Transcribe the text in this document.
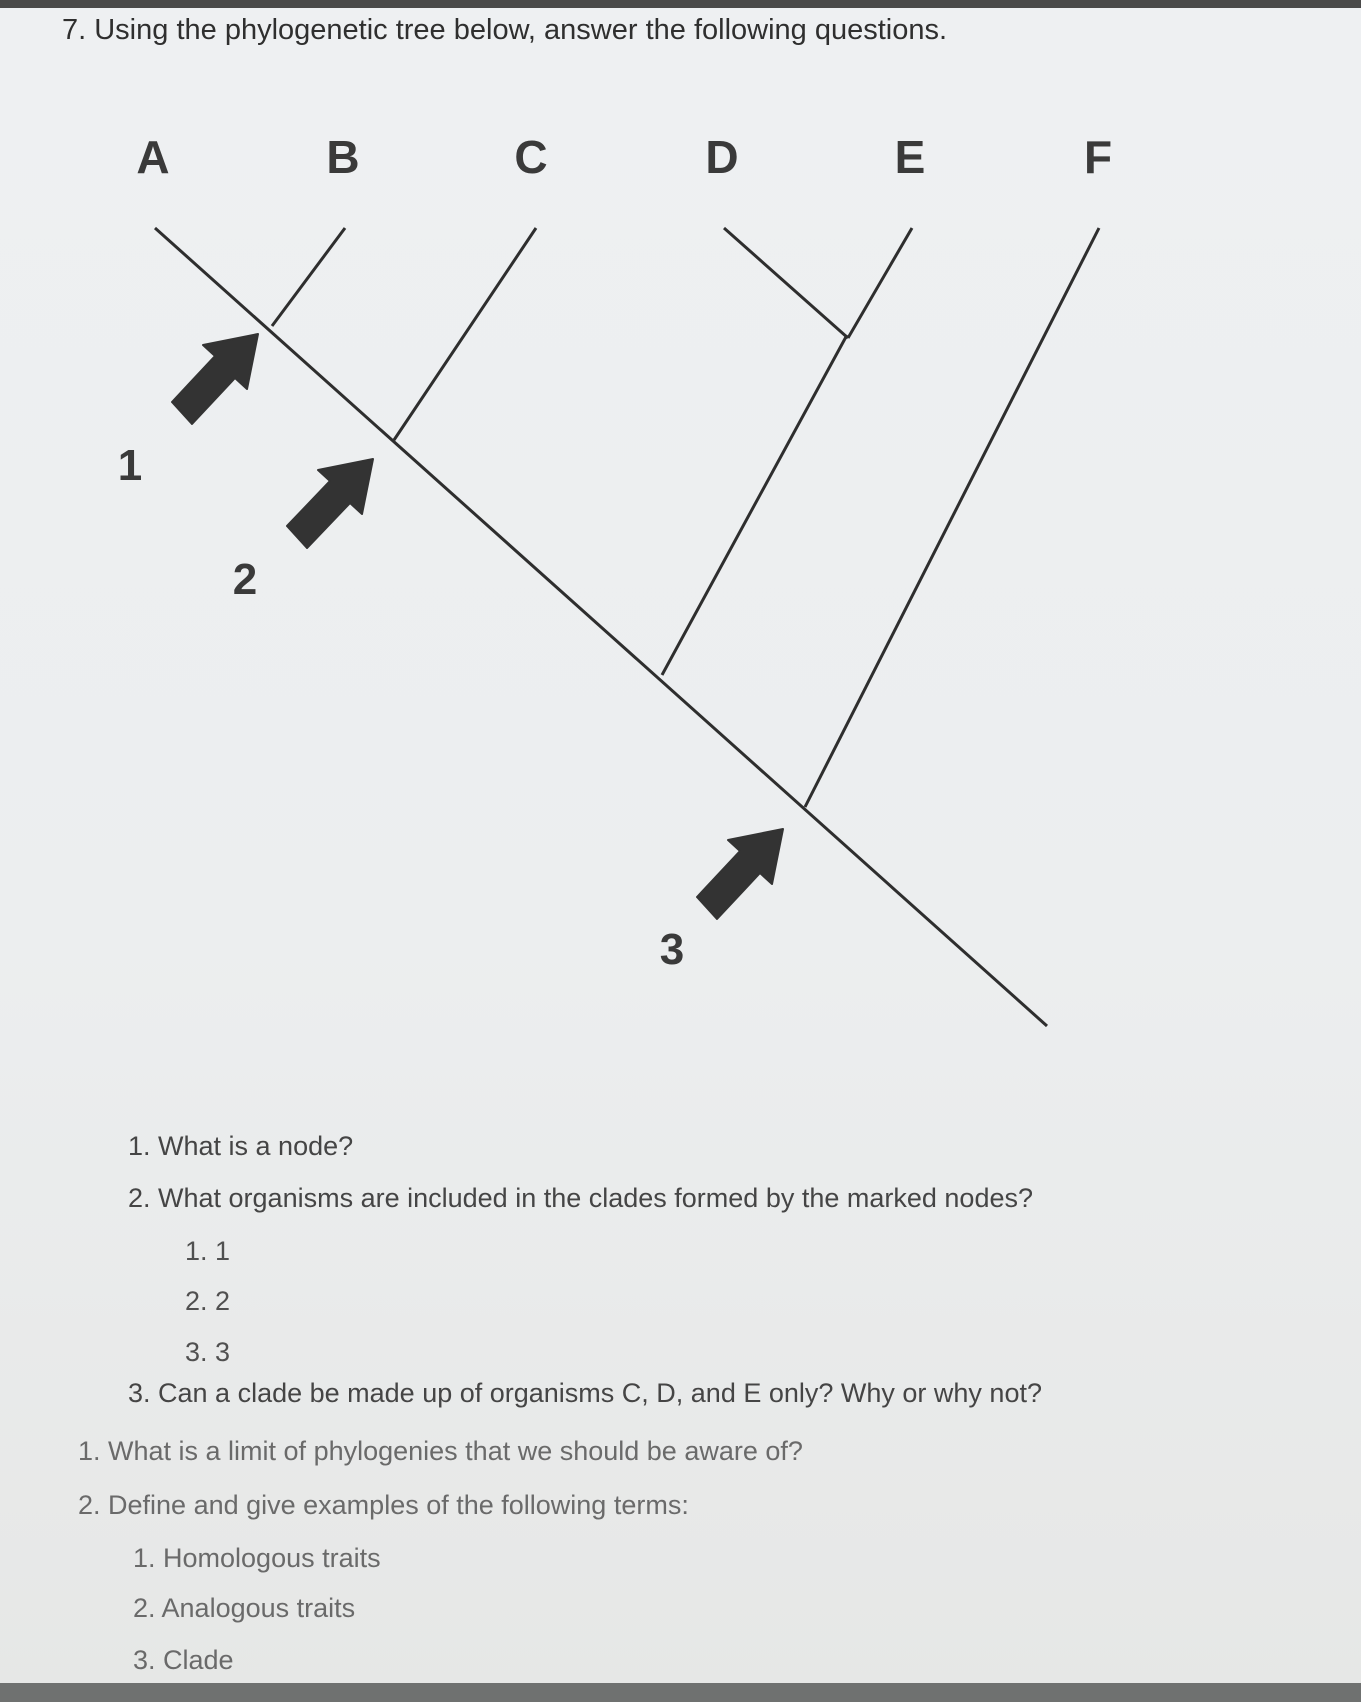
7. Using the phylogenetic tree below, answer the following questions.
A	B	C	D	E	F
1
2
3
1. What is a node?
2. What organisms are included in the clades formed by the marked nodes?
1. 1
2. 2
3. 3
3. Can a clade be made up of organisms C, D, and E only? Why or why not?
1. What is a limit of phylogenies that we should be aware of?
2. Define and give examples of the following terms:
1. Homologous traits
2. Analogous traits
3. Clade
